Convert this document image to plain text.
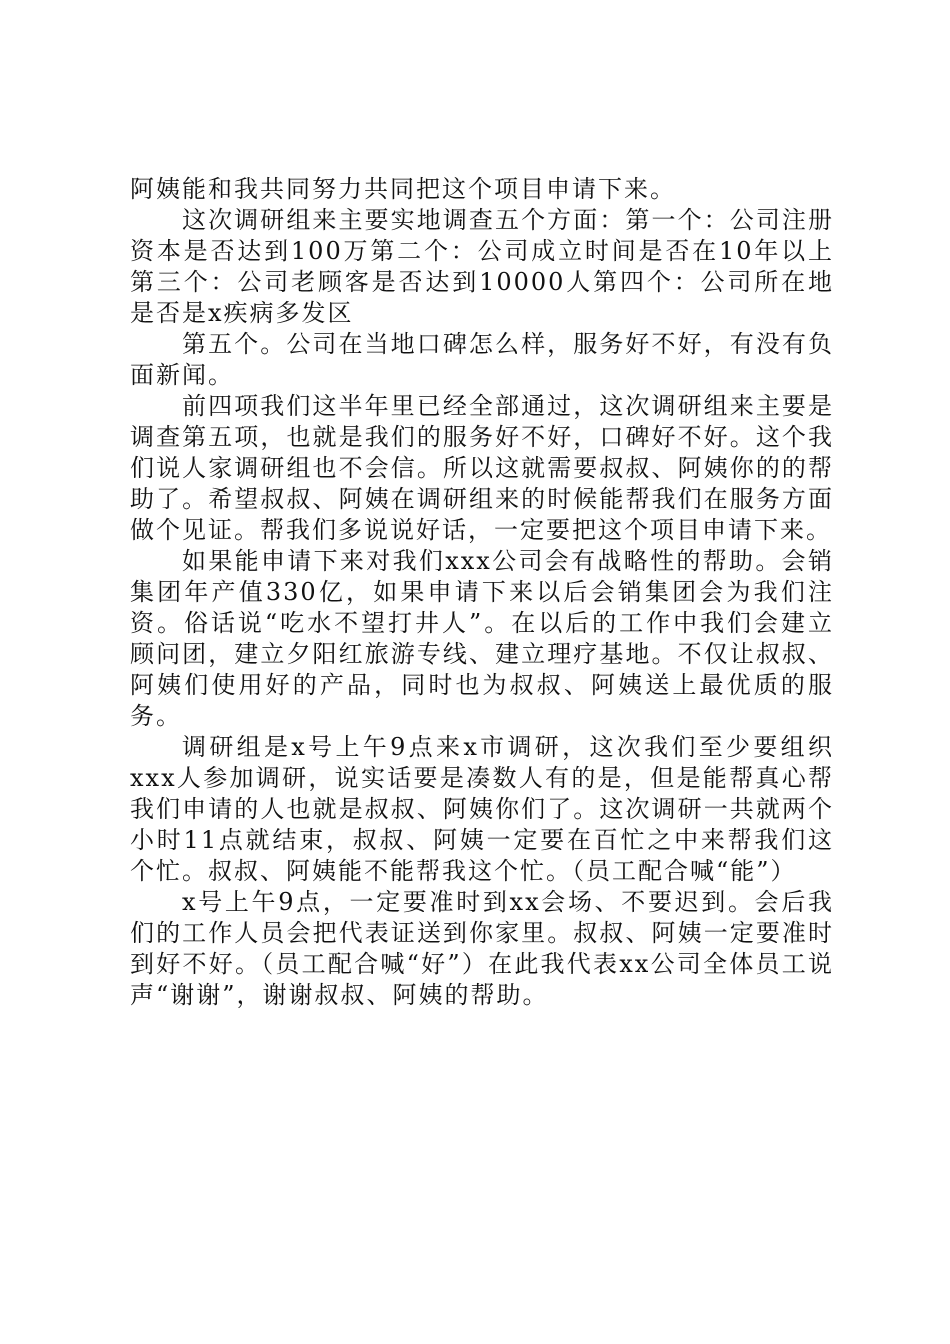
阿姨能和我共同努力共同把这个项目申请下来。

这次调研组来主要实地调查五个方面：第一个：公司注册资本是否达到100万第二个：公司成立时间是否在10年以上第三个：公司老顾客是否达到10000人第四个：公司所在地是否是x疾病多发区

第五个。公司在当地口碑怎么样，服务好不好，有没有负面新闻。

前四项我们这半年里已经全部通过，这次调研组来主要是调查第五项，也就是我们的服务好不好，口碑好不好。这个我们说人家调研组也不会信。所以这就需要叔叔、阿姨你的的帮助了。希望叔叔、阿姨在调研组来的时候能帮我们在服务方面做个见证。帮我们多说说好话，一定要把这个项目申请下来。

如果能申请下来对我们xxx公司会有战略性的帮助。会销集团年产值330亿，如果申请下来以后会销集团会为我们注资。俗话说“吃水不望打井人”。在以后的工作中我们会建立顾问团，建立夕阳红旅游专线、建立理疗基地。不仅让叔叔、阿姨们使用好的产品，同时也为叔叔、阿姨送上最优质的服务。

调研组是x号上午9点来x市调研，这次我们至少要组织xxx人参加调研，说实话要是凑数人有的是，但是能帮真心帮我们申请的人也就是叔叔、阿姨你们了。这次调研一共就两个小时11点就结束，叔叔、阿姨一定要在百忙之中来帮我们这个忙。叔叔、阿姨能不能帮我这个忙。（员工配合喊“能”）

x号上午9点，一定要准时到xx会场、不要迟到。会后我们的工作人员会把代表证送到你家里。叔叔、阿姨一定要准时到好不好。（员工配合喊“好”）在此我代表xx公司全体员工说声“谢谢”，谢谢叔叔、阿姨的帮助。
